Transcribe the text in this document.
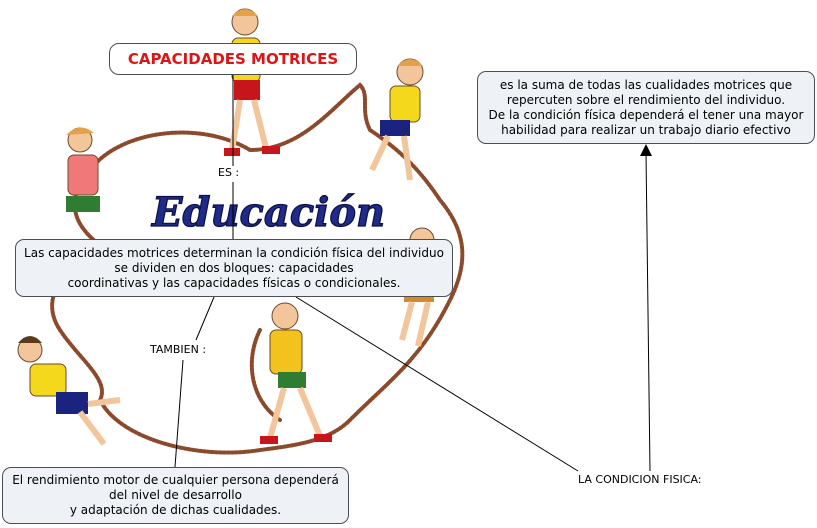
Educación
CAPACIDADES MOTRICES
ES :
TAMBIEN :
LA CONDICION FISICA:
Las capacidades motrices determinan la condición física del individuo
se dividen en dos bloques: capacidades
coordinativas y las capacidades físicas o condicionales.
es la suma de todas las cualidades motrices que
repercuten sobre el rendimiento del individuo.
De la condición física dependerá el tener una mayor
habilidad para realizar un trabajo diario efectivo
El rendimiento motor de cualquier persona dependerá
del nivel de desarrollo
y adaptación de dichas cualidades.
